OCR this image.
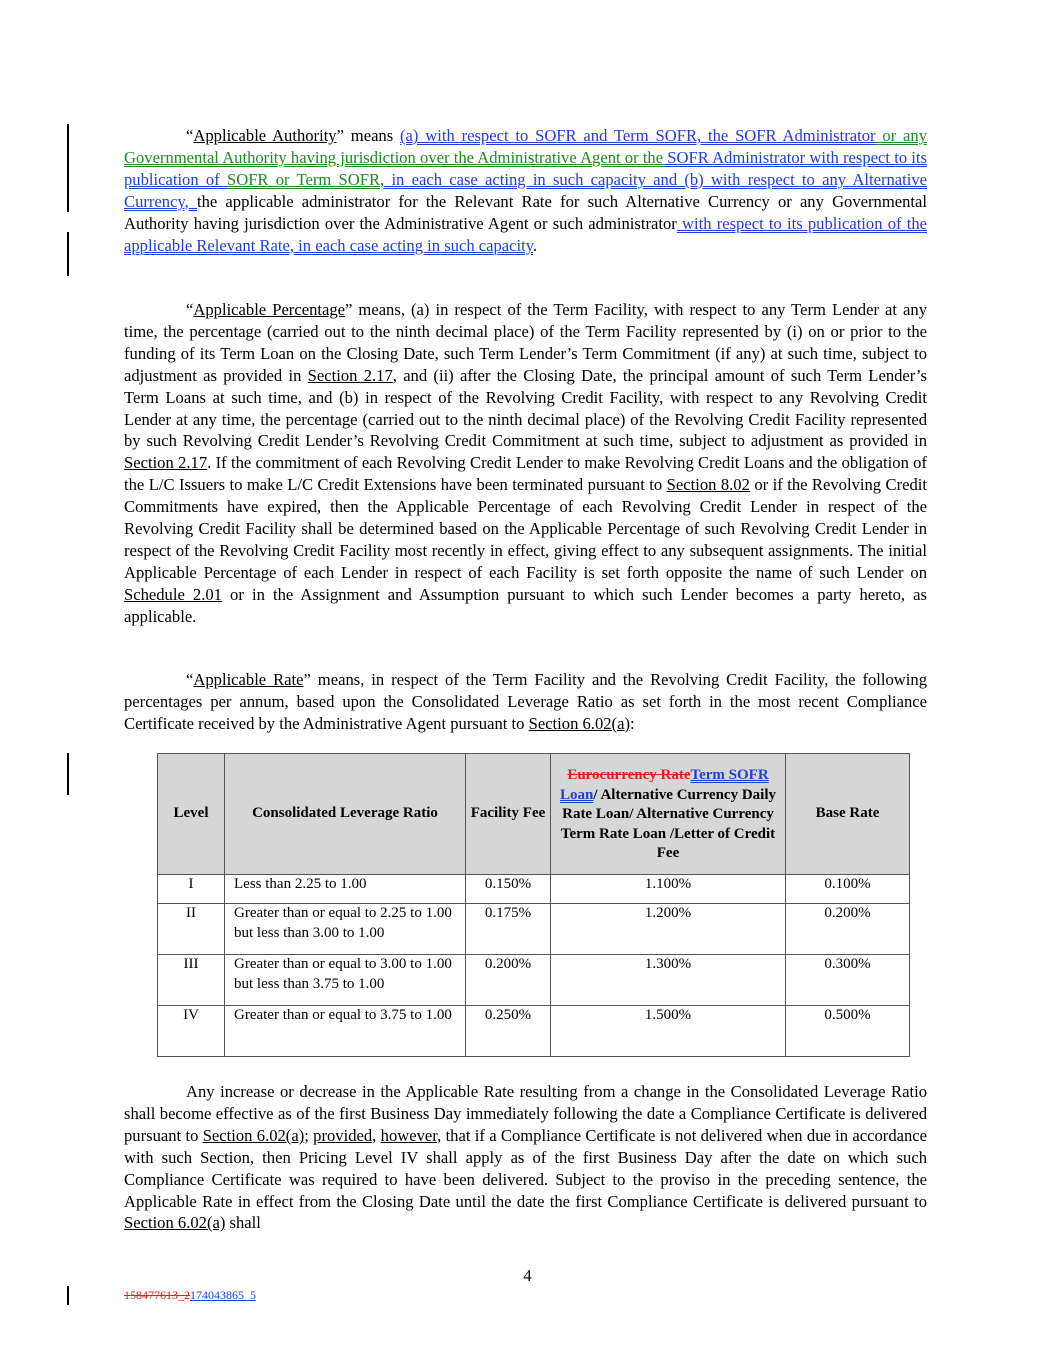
“Applicable Authority” means (a) with respect to SOFR and Term SOFR, the SOFR Administrator or any Governmental Authority having jurisdiction over the Administrative Agent or the SOFR Administrator with respect to its publication of SOFR or Term SOFR, in each case acting in such capacity and (b) with respect to any Alternative Currency, the applicable administrator for the Relevant Rate for such Alternative Currency or any Governmental Authority having jurisdiction over the Administrative Agent or such administrator with respect to its publication of the applicable Relevant Rate, in each case acting in such capacity.

“Applicable Percentage” means, (a) in respect of the Term Facility, with respect to any Term Lender at any time, the percentage (carried out to the ninth decimal place) of the Term Facility represented by (i) on or prior to the funding of its Term Loan on the Closing Date, such Term Lender’s Term Commitment (if any) at such time, subject to adjustment as provided in Section 2.17, and (ii) after the Closing Date, the principal amount of such Term Lender’s Term Loans at such time, and (b) in respect of the Revolving Credit Facility, with respect to any Revolving Credit Lender at any time, the percentage (carried out to the ninth decimal place) of the Revolving Credit Facility represented by such Revolving Credit Lender’s Revolving Credit Commitment at such time, subject to adjustment as provided in Section 2.17. If the commitment of each Revolving Credit Lender to make Revolving Credit Loans and the obligation of the L/C Issuers to make L/C Credit Extensions have been terminated pursuant to Section 8.02 or if the Revolving Credit Commitments have expired, then the Applicable Percentage of each Revolving Credit Lender in respect of the Revolving Credit Facility shall be determined based on the Applicable Percentage of such Revolving Credit Lender in respect of the Revolving Credit Facility most recently in effect, giving effect to any subsequent assignments. The initial Applicable Percentage of each Lender in respect of each Facility is set forth opposite the name of such Lender on Schedule 2.01 or in the Assignment and Assumption pursuant to which such Lender becomes a party hereto, as applicable.

“Applicable Rate” means, in respect of the Term Facility and the Revolving Credit Facility, the following percentages per annum, based upon the Consolidated Leverage Ratio as set forth in the most recent Compliance Certificate received by the Administrative Agent pursuant to Section 6.02(a):

Level	Consolidated Leverage Ratio	Facility Fee	Eurocurrency RateTerm SOFR Loan/ Alternative Currency Daily Rate Loan/ Alternative Currency Term Rate Loan /Letter of Credit Fee	Base Rate
I	Less than 2.25 to 1.00	0.150%	1.100%	0.100%
II	Greater than or equal to 2.25 to 1.00 but less than 3.00 to 1.00	0.175%	1.200%	0.200%
III	Greater than or equal to 3.00 to 1.00 but less than 3.75 to 1.00	0.200%	1.300%	0.300%
IV	Greater than or equal to 3.75 to 1.00	0.250%	1.500%	0.500%

Any increase or decrease in the Applicable Rate resulting from a change in the Consolidated Leverage Ratio shall become effective as of the first Business Day immediately following the date a Compliance Certificate is delivered pursuant to Section 6.02(a); provided, however, that if a Compliance Certificate is not delivered when due in accordance with such Section, then Pricing Level IV shall apply as of the first Business Day after the date on which such Compliance Certificate was required to have been delivered. Subject to the proviso in the preceding sentence, the Applicable Rate in effect from the Closing Date until the date the first Compliance Certificate is delivered pursuant to Section 6.02(a) shall

4
158477613_2174043865_5
